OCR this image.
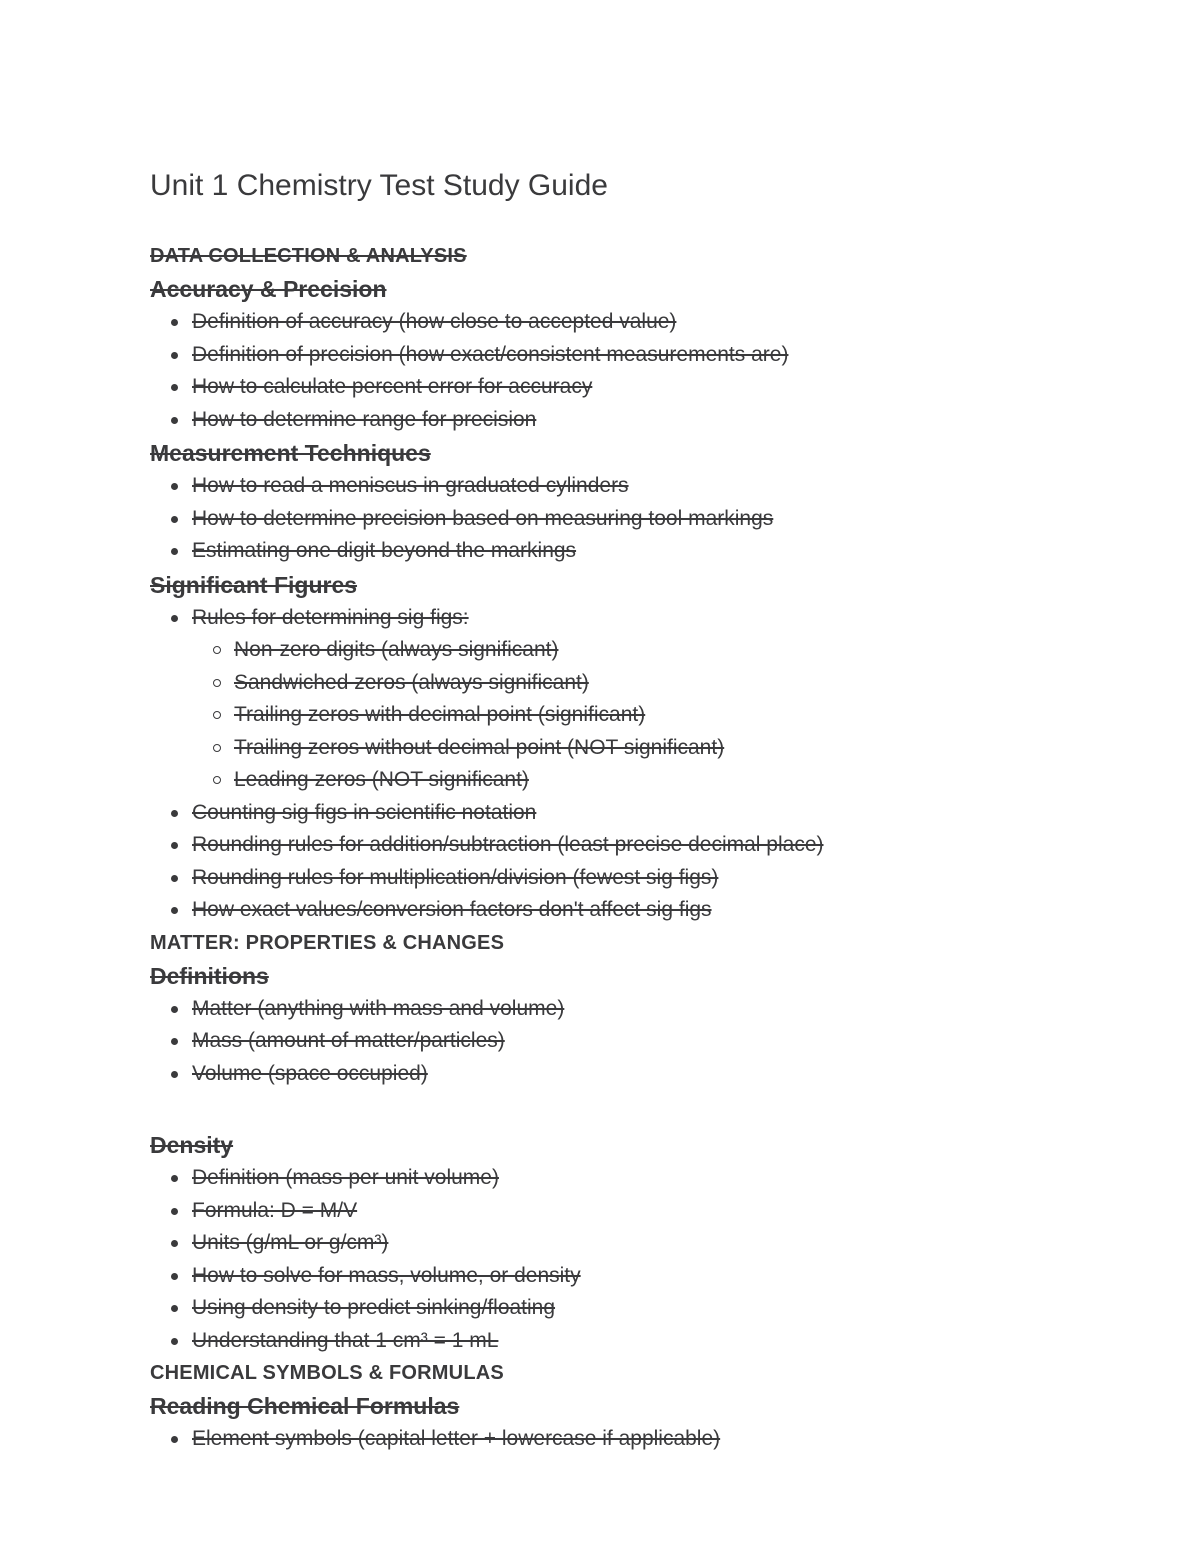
Unit 1 Chemistry Test Study Guide
DATA COLLECTION & ANALYSIS
Accuracy & Precision
Definition of accuracy (how close to accepted value)
Definition of precision (how exact/consistent measurements are)
How to calculate percent error for accuracy
How to determine range for precision
Measurement Techniques
How to read a meniscus in graduated cylinders
How to determine precision based on measuring tool markings
Estimating one digit beyond the markings
Significant Figures
Rules for determining sig figs:
Non-zero digits (always significant)
Sandwiched zeros (always significant)
Trailing zeros with decimal point (significant)
Trailing zeros without decimal point (NOT significant)
Leading zeros (NOT significant)
Counting sig figs in scientific notation
Rounding rules for addition/subtraction (least precise decimal place)
Rounding rules for multiplication/division (fewest sig figs)
How exact values/conversion factors don't affect sig figs
MATTER: PROPERTIES & CHANGES
Definitions
Matter (anything with mass and volume)
Mass (amount of matter/particles)
Volume (space occupied)
Density
Definition (mass per unit volume)
Formula: D = M/V
Units (g/mL or g/cm³)
How to solve for mass, volume, or density
Using density to predict sinking/floating
Understanding that 1 cm³ = 1 mL
CHEMICAL SYMBOLS & FORMULAS
Reading Chemical Formulas
Element symbols (capital letter + lowercase if applicable)
